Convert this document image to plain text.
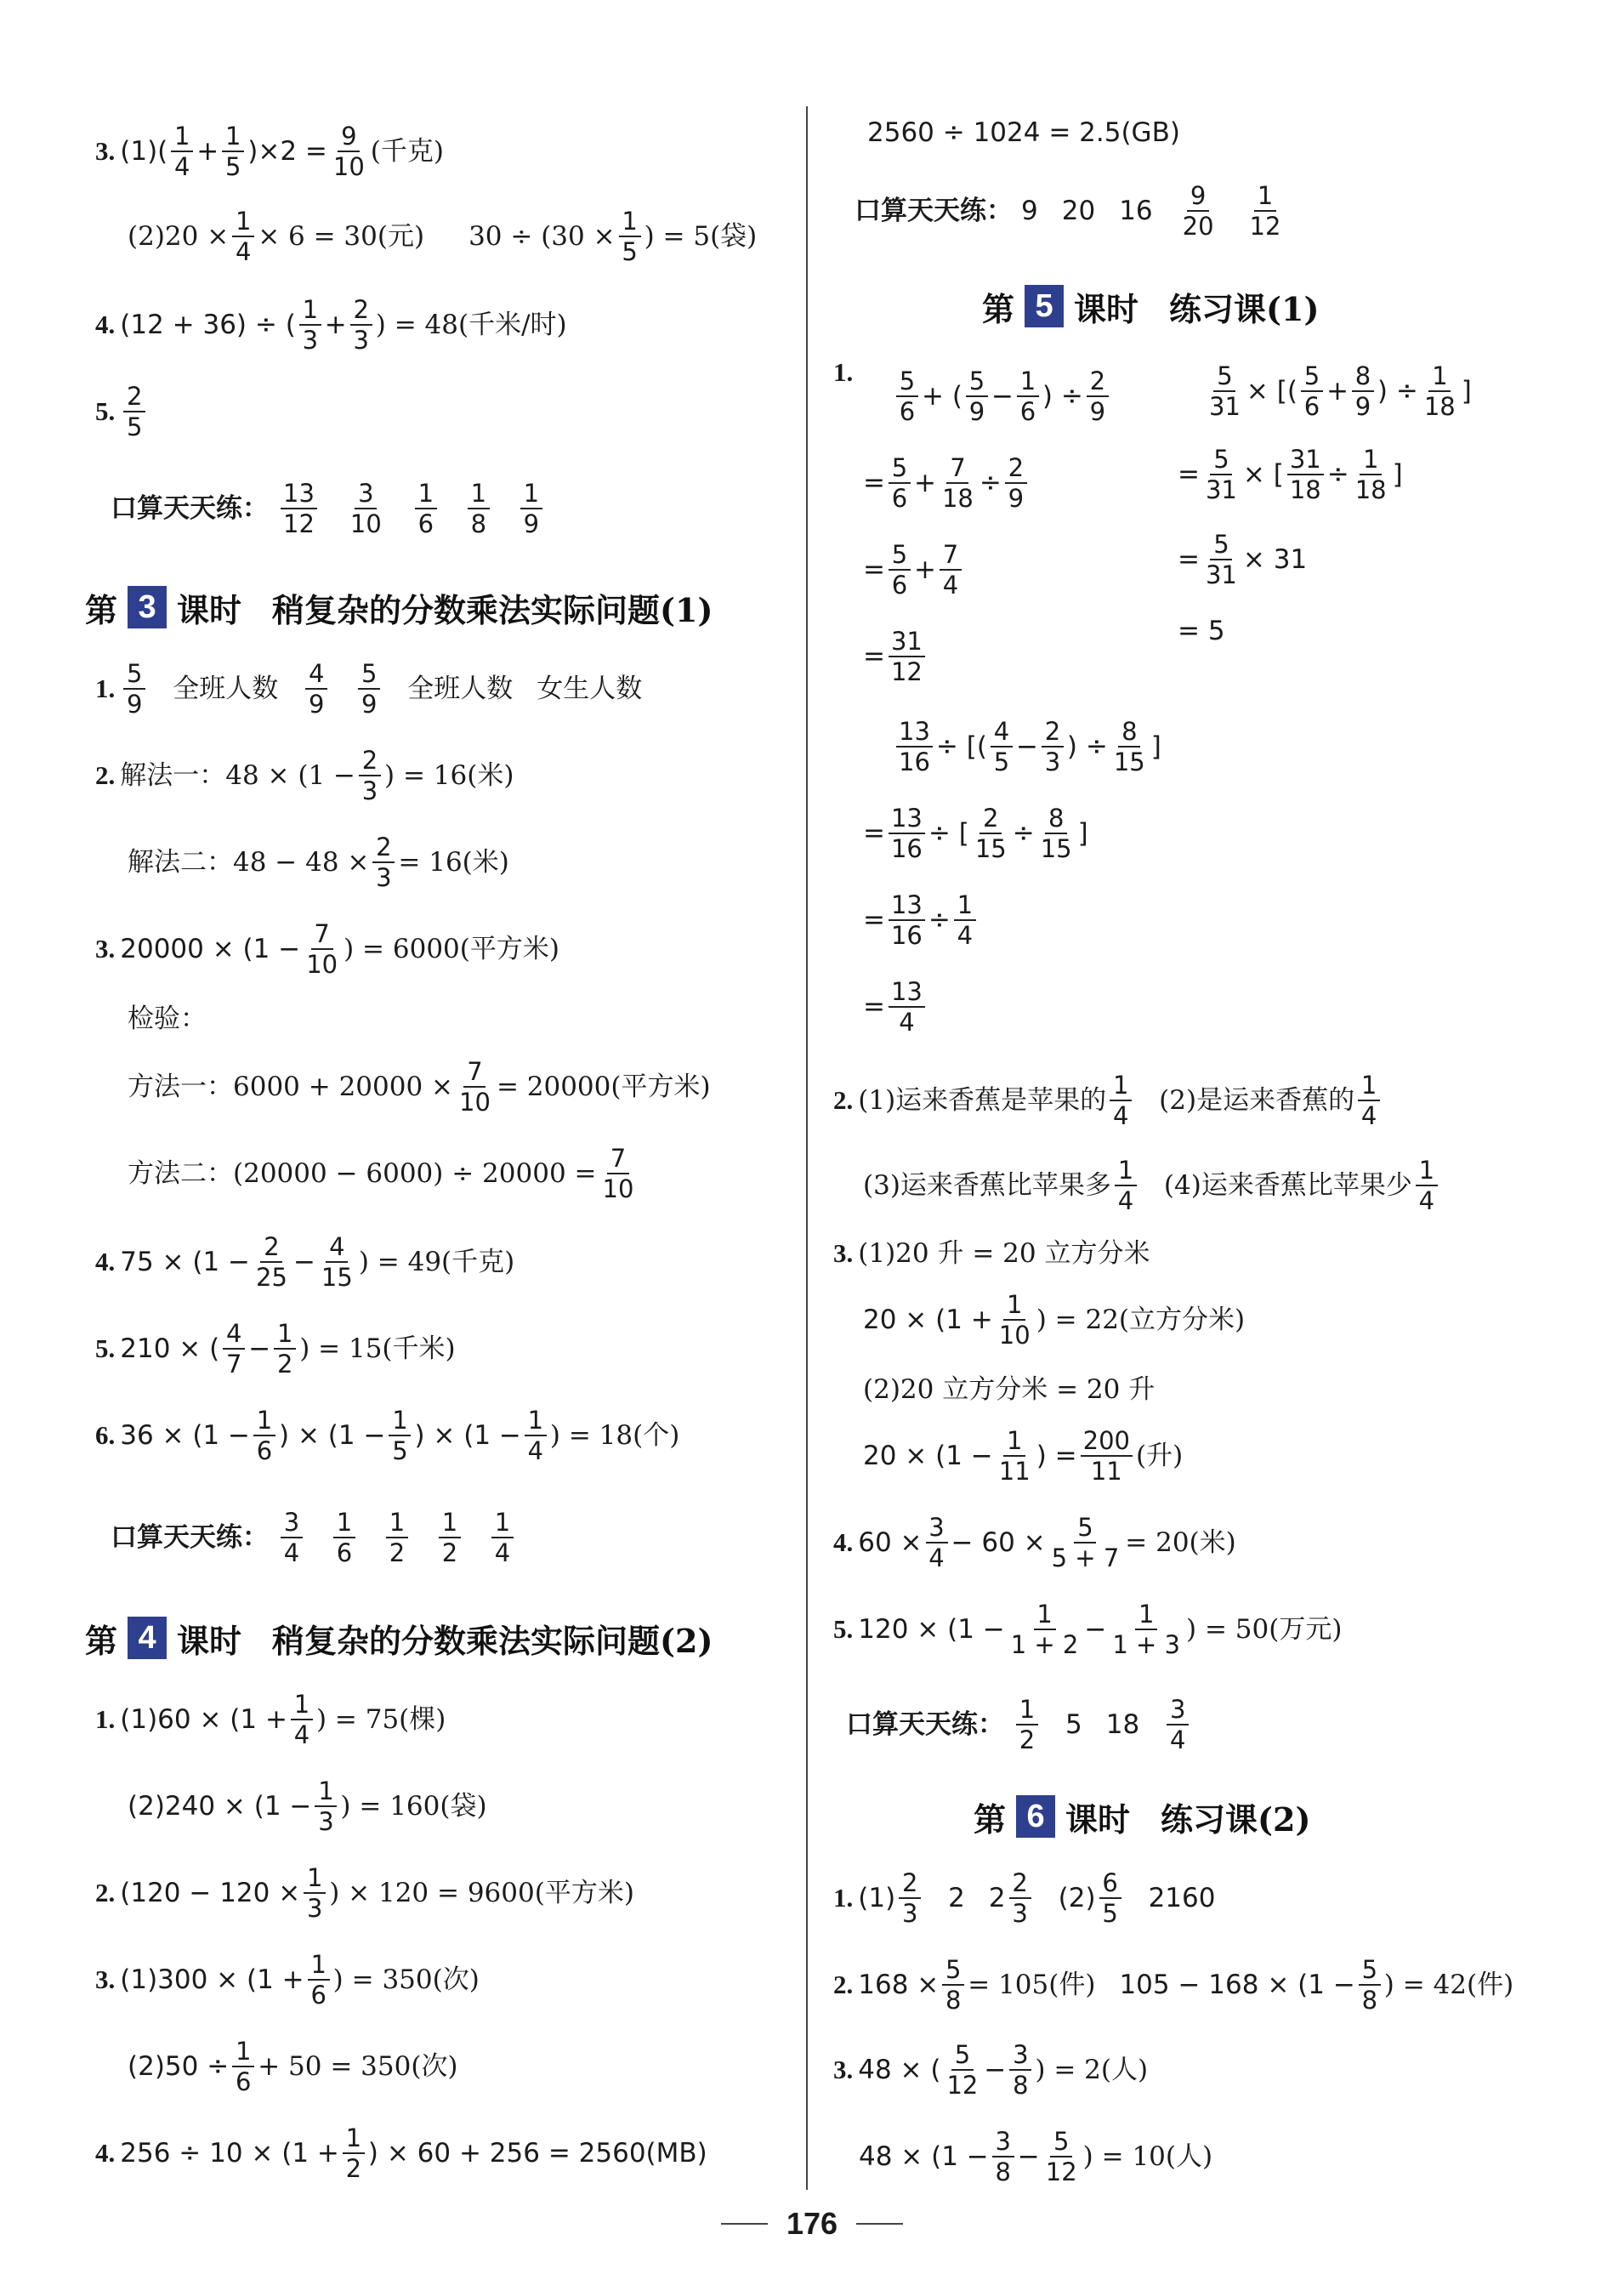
3. (1)( 1
$4 + \frac{1}{5} )\times 2 = \frac{9}{10}$ (千克)
$(2)20 \times \frac{1}{4} \times 6 = 30$(元) $30 \div (30 \times \frac{1}{5}$ ) = 5(袋)
4. (12 + 36) ÷ ( 1
$3 + \frac{2}{3}$ ) = 48(千米/时)
5. 2
5
口算天天练： 13
12
3
10
1
6
1
8
1
9
第 3 课时 稍复杂的分数乘法实际问题(1)
1. 5
9 全班人数 4
9
5
9 全班人数 女生人数
2. 解法一：$48 \times (1 - \frac{2}{3}$ ) = 16(米)
解法二：$48 - 48 \times \frac{2}{3} = 16$(米)
3. $20000 \times (1 - \frac{7}{10}$ ) = 6000(平方米)
检验：
方法一：$6000 + 20000 \times \frac{7}{10} = 20000$(平方米)
方法二：$(20000 - 6000) \div 20000 = \frac{7}{10}$
4. $75 \times (1 - \frac{2}{25} - \frac{4}{15}$ ) = 49(千克)
5. 210 × ( 4
$7 - \frac{1}{2}$ ) = 15(千米)
6. $36 \times (1 - \frac{1}{6}$ ) × ($1 - \frac{1}{5}$ ) × ($1 - \frac{1}{4}$ ) = 18(个)
口算天天练： 3
4
1
6
1
2
1
2
1
4
第 4 课时 稍复杂的分数乘法实际问题(2)
1. $(1)60 \times (1 + \frac{1}{4}$ ) = 75(棵)
$(2)240 \times (1 - \frac{1}{3}$ ) = 160(袋)
2. ($120 - 120 \times \frac{1}{3}$ ) × 120 = 9600(平方米)
3. $(1)300 \times (1 + \frac{1}{6}$ ) = 350(次)
$(2)50 \div \frac{1}{6} + 50 = 350$(次)
4. $256 \div 10 \times (1 + \frac{1}{2}$ ) × 60 + 256 = 2560(MB)
2560 ÷ 1024 = 2.5(GB)
口算天天练： 9 20 16 9
20
1
12
第 5 课时 练习课(1)
1. 5
6 + ( 5
$9 - \frac{1}{6}$ ) ÷ $\frac{2}{9}$
= $\frac{5}{6} + \frac{7}{18} \div \frac{2}{9}$
= $\frac{5}{6} + \frac{7}{4}$
= $\frac{31}{12}$
$\frac{5}{31}$ × [( 5
$6 + \frac{8}{9}$ ) ÷ $\frac{1}{18}$ ]
= $\frac{5}{31}$ × [ $\frac{31}{18} \div \frac{1}{18}$ ]
= $\frac{5}{31} \times 31$
= 5
$\frac{13}{16}$ ÷ [( 4
$5 - \frac{2}{3}$ ) ÷ $\frac{8}{15}$ ]
= $\frac{13}{16}$ ÷ [ $\frac{2}{15} \div \frac{8}{15}$ ]
= $\frac{13}{16} \div \frac{1}{4}$
= $\frac{13}{4}$
2. (1)运来香蕉是苹果的 1
4 (2)是运来香蕉的 1
4
(3)运来香蕉比苹果多 1
4 (4)运来香蕉比苹果少 1
4
3. (1)20 升 = 20 立方分米
$20 \times (1 + \frac{1}{10}$ ) = 22(立方分米)
(2)20 立方分米 = 20 升
$20 \times (1 - \frac{1}{11}$ ) = $\frac{200}{11}$ (升)
4. $60 \times \frac{3}{4} - 60 \times \frac{5}{5 + 7} = 20$(米)
5. $120 \times (1 - \frac{1}{1 + 2} - \frac{1}{1 + 3}$ ) = 50(万元)
口算天天练： 1
2 5 18 3
4
第 6 课时 练习课(2)
1. (1) 2
3 2 2 2
3 (2) 6
5 2160
2. $168 \times \frac{5}{8} = 105$(件) $105 - 168 \times (1 - \frac{5}{8}$ ) = 42(件)
3. 48 × ( 5
$12 - \frac{3}{8}$ ) = 2(人)
$48 \times (1 - \frac{3}{8} - \frac{5}{12}$ ) = 10(人)
176
